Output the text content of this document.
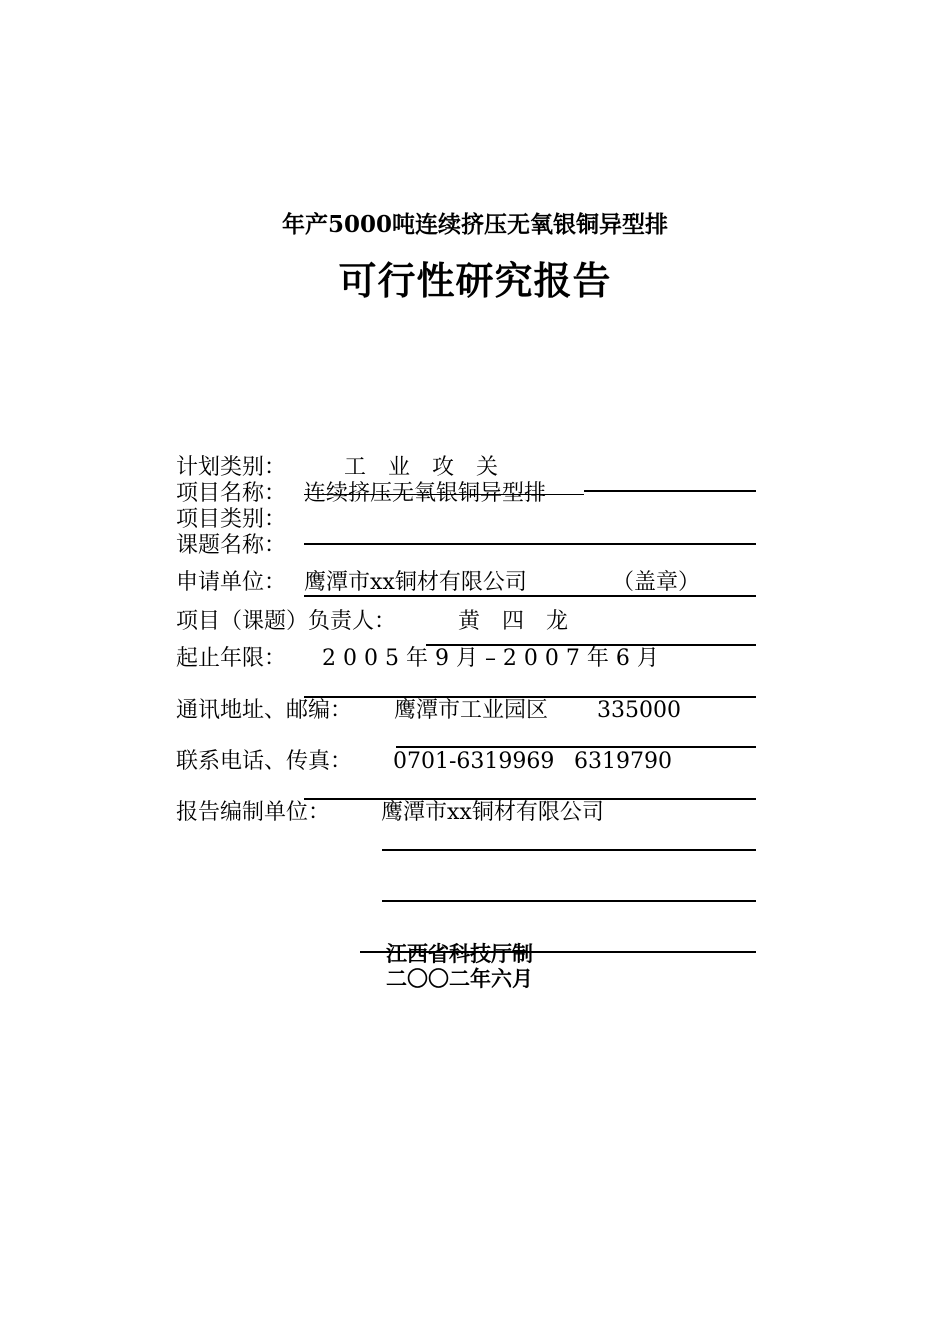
年产5000吨连续挤压无氧银铜异型排
可行性研究报告
计划类别：	工　业　攻　关
项目名称： 连续挤压无氧银铜异型排
项目类别：
课题名称：
申请单位： 鹰潭市xx铜材有限公司	（盖章）
项目（课题）负责人：	黄　四　龙
起止年限： 2 0 0 5 年 9 月 – 2 0 0 7 年 6 月
通讯地址、邮编： 鹰潭市工业园区 335000
联系电话、传真： 0701-6319969 6319790
报告编制单位： 鹰潭市xx铜材有限公司
江西省科技厅制
二〇〇二年六月
